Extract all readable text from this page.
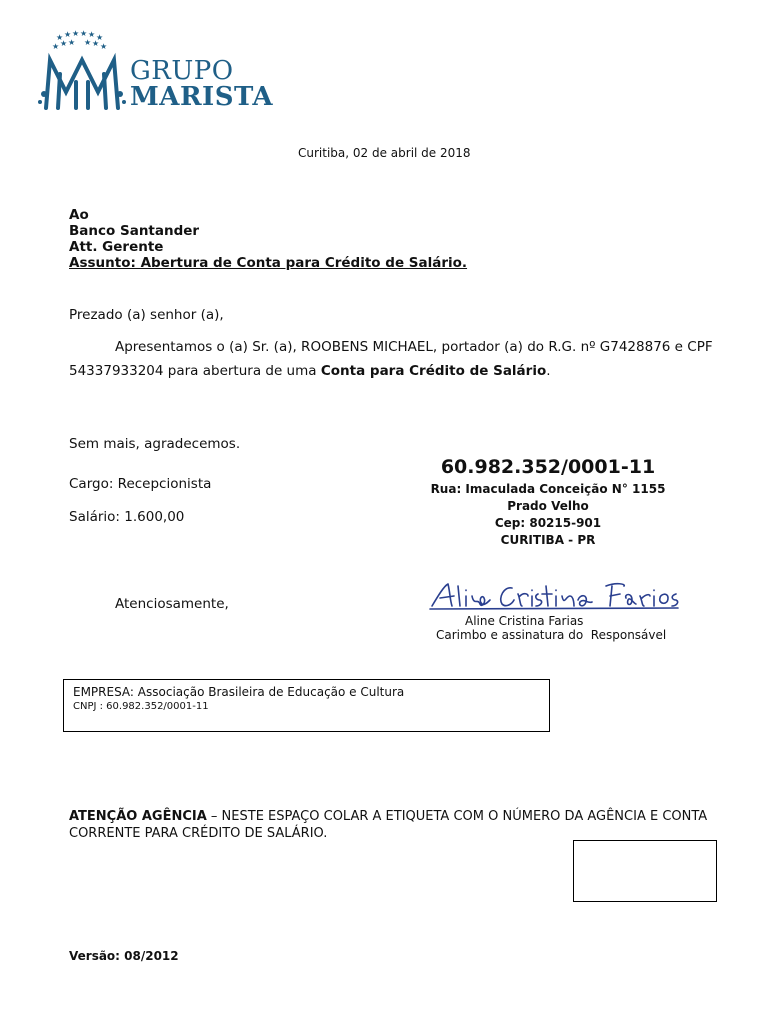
★ ★ ★ ★ ★ ★
★ ★ ★ ★ ★ ★
GRUPO
MARISTA
Curitiba, 02 de abril de 2018
Ao
Banco Santander
Att. Gerente
Assunto: Abertura de Conta para Crédito de Salário.
Prezado (a) senhor (a),
Apresentamos o (a) Sr. (a), ROOBENS MICHAEL, portador (a) do R.G. nº G7428876 e CPF
54337933204 para abertura de uma Conta para Crédito de Salário.
Sem mais, agradecemos.
Cargo: Recepcionista
Salário: 1.600,00
60.982.352/0001-11
Rua: Imaculada Conceição N° 1155
Prado Velho
Cep: 80215-901
CURITIBA - PR
Atenciosamente,
Aline Cristina Farias
Carimbo e assinatura do  Responsável
EMPRESA: Associação Brasileira de Educação e Cultura
CNPJ : 60.982.352/0001-11
ATENÇÃO AGÊNCIA – NESTE ESPAÇO COLAR A ETIQUETA COM O NÚMERO DA AGÊNCIA E CONTA
CORRENTE PARA CRÉDITO DE SALÁRIO.
Versão: 08/2012
